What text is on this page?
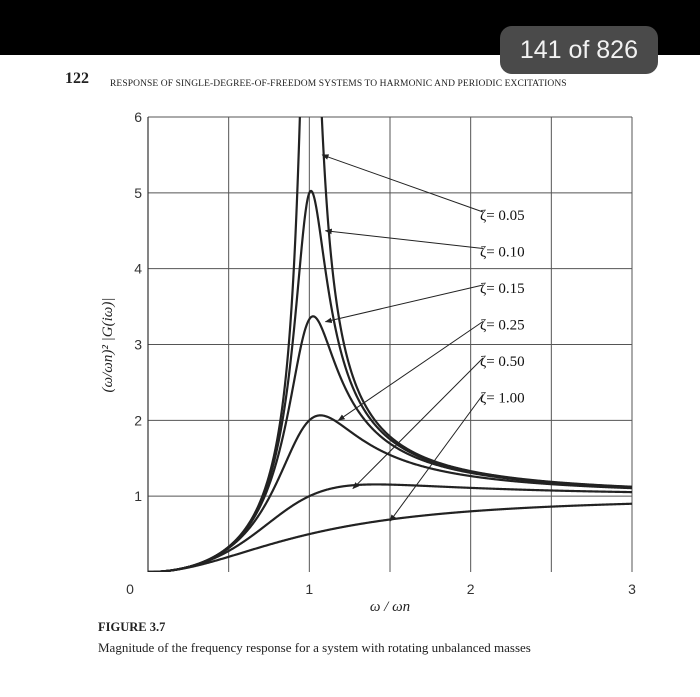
141 of 826
122 RESPONSE OF SINGLE-DEGREE-OF-FREEDOM SYSTEMS TO HARMONIC AND PERIODIC EXCITATIONS
0	1	2	3
1
2
3
4
5
6
ω / ωn
(ω/ωn)² |G(iω)|
ζ= 0.05
ζ= 0.10
ζ= 0.15
ζ= 0.25
ζ= 0.50
ζ= 1.00
FIGURE 3.7
Magnitude of the frequency response for a system with rotating unbalanced masses
